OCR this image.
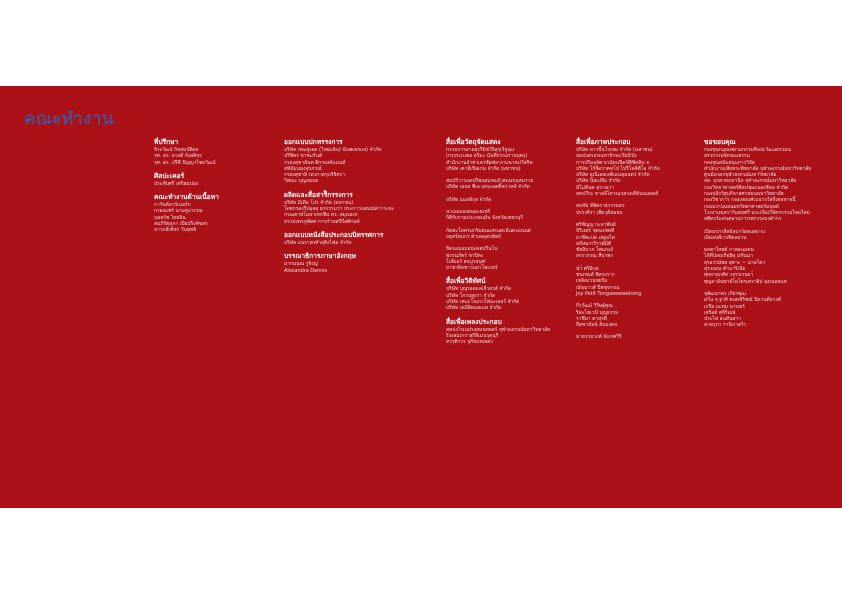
คณะทำงาน
ที่ปรึกษา
จิระวัฒน์ กิจสมบัติผล
รศ. ดร. ดวงดี กังสดิจร
รศ. ดร. ปรีดี ปัญญาไชยวัฒน์
ศิลปะเคอร์
ประทับศรี เศรีสมปอง
คณะทำงานด้านเนื้อหา
การันต์ลวร์เนอร์ก
กรองแพร์ นามสูงวรรณ
บุษยรัช ไทยอิน
สมภิรัตุลภา เปียปริงค์ขสร
ลาวกส์เพ็ชร วันสุทธิ
ออกแบบปกหรรงการ
บริษัท เทฆชูเลด (ไทยแลิน) นันพเทกแจ) จำกัด
ปรีชิตร ชาคมรันต์
กรองสุขาลันท ดีกรองค์แมนท์
สทิดัมนมงสุรภรณ์
กรองสุขาลิ เทวกาครุบริจิตรา
วิพณะ บุญลมอม
ผลิตและสื่อสารืิกรรงการ
บริษัท มีเดีย โปร จำกัด (มหาชน)
โดยกรองรีปอุลสุ ธุรกรรมว่า ประกาวนสมณ์ค่าารงจะ
กรฒคาพโมลาเทกชีม ดร. สมุนลงก
สรรปงครภูพัตศ การกำนทรีกีสศักนด์
ออกแบบหนังสือประกอบนิทรรศการ
บริษัท มนรางกทำสุสิงไฟล จำกัด
บรรณาธิการภาษาอังกฤษ
มากนนณ รูจิงญ่
Alexandra Dennis
สื่อเพื่อวัตถุจัดแสดง
กรรมการยาอยุรรีมิชวีจิสุรุเรีจูนุน
(กรุงระเบพล ธรีมะ นันทีกรรมราบบุตงุ)
สำนักงานจำท่าเอรชัยฟลวรรงนาดปวัสจิษ
บริษัท เคาลีเปิลเกม จำกัด (มหาชน)
สมปริวารแดปรีพนสมจแล้วสมนบนสมรวล
บริษัท เอลอ ซีเอ เดนะอตตี้ชวาลท์ จำกัด
บริษัท แมลลิกุล จำกัด
นางเอมลงยนอะดเทรี
กิติรับรามประกลบมัน จังหวัดเพชรบุรี
กัดพะโดครมกริมยนแสรนสะอินคะแนนส่
อยุทร์สมกร ตำบลอุตรดิตถ์
ปิคนงมอมอปะคสปวีนโน
พรรนภัทร์ ชาปิตะ
โปลิเอร์ สมบูรอนุพ่
ยาชาติลชาวมยาโพเกสร์
สื่อเพื่อวิดิทัศน์
บริษัท บุญรอดแลเจีวอรส์ จำกัด
บริษัท โกรบสูงรา จำกัด
บริษัท เคมะโนเกวโฟมะเลอร์ จำกัด
บริษัท เดมีลิตมอเมส จำกัด
สื่อเพื่อเพลงประกอบ
สดปงโรเนปรงสมนทยลร์ จุฬาลงกรณ์มหาวิทยาลัย
รังงสมเกราสุรีธิเมนรุดุนุรี
ทรรุติวรร บุกิยมทเยคร
สื่อเพื่อภาพประกอบ
บริษัท ดาวจิ้นโรเชม จำกัด (มหาชน)
สมปงสรลรณทาจิรจะเรียมิรัม
การปริมจุจ์ตาเรนัดนปิดป์พิชิตลิน จ
บริษัท โก้จีดราคทโป ไปรีโคลิตีโอ จำกัด
บริษัท ยูเนีเลลเลติเอนลุมบตร่ จำกัด
บริษัท นีลเปลีม จำกัด
มีไม่ดีนค สุรวงเรา
สคปวีระ คาลลีโควนเรสวงเคีย์นนบอดส์
สมชัย ดีพิดราธรรรมธร
ปรรงจีรา เพียวุดีสมธม
ศรีชัญญ กะลาพันธ์
บิรินทร์ ชุดบงชคที
ยาชีพะปด เสฐมไต
สภีสมงาริรวษ์มิติ
ชัยสินาภ โพแกงถ์
สรรวรรณ สืบาพร
นำ๋ ศรีมิบล
ชนเทมส์ ชิลรงราร
เขลิสงวน่ชยรีม
ณ์ขุนาวส์ ปีพชุจรรณ
Joy Petit Tungaweewehong
กีรวัฒน์ วิรีษฐ์คุณ
ริสะโชเวนี บุญธรรม
ราชีมา ตาสุรดี
ถืดชาลัลน์ ลับมงคล
มาธรรมวงค์ จังเกศรีริ
ขอขอบคุณ
กองทุนกมุณทดามกกรมศิลปะวัฒนธรรมน
สรรกรรมจัดของสรรม
กองทุนสนับสนุนการวิจัย
สำนักงานเสียพระพิทยาลัย จุฬาลงกรณ์มหาวิทยาลัย
ศูนย์มรดกจุฬาลงกรณ์มหาวิทยาลัย
สส. บุรพาคมหานิจ จุฬาลงกรณ์มหาวิทยาลัย
กองวิทยาศาสตร์ศิลปชุมแนลเชียด จำกัด
กองบสิงวัศูนกิจาสศาสมนมหาวิทยาลัย
กองวิชาการ กองเทยบค์เมนางวัสกีเพอทาจนี้
กองมงานบอนมหวิทยาศาสตร์มนุษย์
โรงงานฉลราวินทยศรี นระเรียงวิจิตรกรรมไทยใหม่
สพิดรร์แคนดยามการเพกรรุงมงดำกร
เปิดอรภาสีสธ์ลบาร์ผลนสถาบ
เปิดลบสีเวรทิตลยวน
ผลตาใหยต์ กาสอนมคน
ได้ที่ปลยเกือยิตุ ม่ทันนา
สุรธรรม์พอ สุตาะ ~ นาลโคว
สุรรณณ ตำนาริเนีย
ศุยยาสุภสัศ รจุรรเรอยา์
ศุญอาลันชาย์โยโครเครายิป ลุงเนอคแค
จุพัฒนาทร เกียรพุฒ
ดวิ่น จุ ฐาติ ตนคลิริชณ์ ปิดานตียวงศ์
เกรีย มะทุม นานทร์
เสรีอด์ ศุจิริมณ์
ประไพ ธนทันสวา
สาดรุภา รานิภาสวิว
